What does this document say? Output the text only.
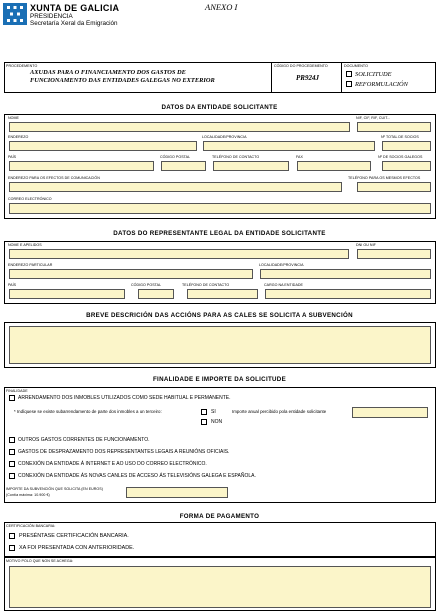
XUNTA DE GALICIA
PRESIDENCIA
Secretaría Xeral da Emigración
ANEXO I
PROCEDEMENTO
AXUDAS PARA O FINANCIAMENTO DOS GASTOS DE
FUNCIONAMENTO DAS ENTIDADES GALEGAS NO EXTERIOR
CÓDIGO DO PROCEDEMENTO
PR924J
DOCUMENTO
SOLICITUDE
REFORMULACIÓN
DATOS DA ENTIDADE SOLICITANTE
NOME	NIF, CIF, RIF, CUIT...
ENDEREZO	LOCALIDADE/PROVINCIA	Nº TOTAL DE SOCIOS
PAÍS	CÓDIGO POSTAL	TELÉFONO DE CONTACTO	FAX	Nº DE SOCIOS GALEGOS
ENDEREZO PARA OS EFECTOS DE COMUNICACIÓN	TELÉFONO PARA OS MESMOS EFECTOS
CORREO ELECTRÓNICO
DATOS DO REPRESENTANTE LEGAL DA ENTIDADE SOLICITANTE
NOME E APELIDOS	DNI OU NIF
ENDEREZO PARTICULAR	LOCALIDADE/PROVINCIA
PAÍS	CÓDIGO POSTAL	TELÉFONO DE CONTACTO	CARGO NA ENTIDADE
BREVE DESCRICIÓN DAS ACCIÓNS PARA AS CALES SE SOLICITA A SUBVENCIÓN
FINALIDADE E IMPORTE DA SOLICITUDE
FINALIDADE
ARRENDAMENTO DOS INMOBLES UTILIZADOS COMO SEDE HABITUAL E PERMANENTE.
* Indíquese se existe subarrendamento de parte dos inmobles a un terceiro:	SI	Importe anual percibido pola entidade solicitante
NON
OUTROS GASTOS CORRENTES DE FUNCIONAMENTO.
GASTOS DE DESPRAZAMENTO DOS REPRESENTANTES LEGAIS A REUNIÓNS OFICIAIS.
CONEXIÓN DA ENTIDADE Á INTERNET E AO USO DO CORREO ELECTRÓNICO.
CONEXIÓN DA ENTIDADE ÁS NOVAS CANLES DE ACCESO ÁS TELEVISIÓNS GALEGA E ESPAÑOLA.
IMPORTE DA SUBVENCIÓN QUE SOLICITA (EN EUROS)
(Contía máxima: 10.900 €)
FORMA DE PAGAMENTO
CERTIFICACIÓN BANCARIA:
PRESÉNTASE CERTIFICACIÓN BANCARIA.
XA FOI PRESENTADA CON ANTERIORIDADE.
MOTIVO POLO QUE NON SE ACHEGA:
